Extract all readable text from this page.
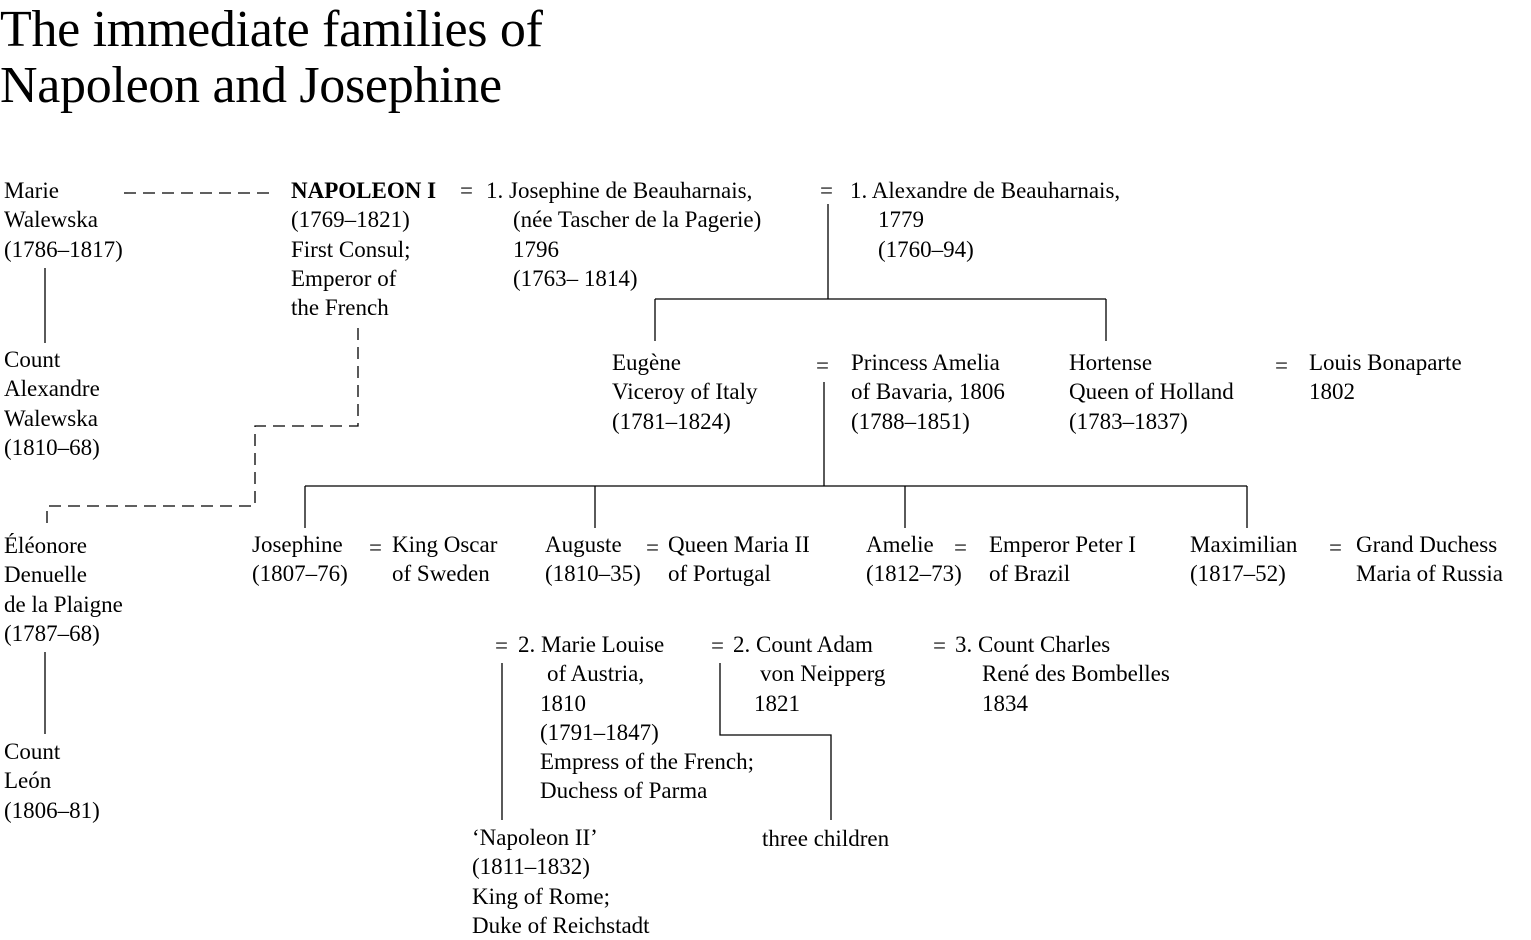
The immediate families of
Napoleon and Josephine
Marie
Walewska
(1786–1817)
Count
Alexandre
Walewska
(1810–68)
Éléonore
Denuelle
de la Plaigne
(1787–68)
Count
León
(1806–81)
NAPOLEON I
(1769–1821)
First Consul;
Emperor of
the French
= 1. Josephine de Beauharnais,
(née Tascher de la Pagerie)
1796
(1763– 1814)
= 1. Alexandre de Beauharnais,
1779
(1760–94)
Eugène
Viceroy of Italy
(1781–1824)
= Princess Amelia
of Bavaria, 1806
(1788–1851)
Hortense
Queen of Holland
(1783–1837)
= Louis Bonaparte
1802
Josephine
(1807–76)
= King Oscar
of Sweden
Auguste
(1810–35)
= Queen Maria II
of Portugal
Amelie
(1812–73)
= Emperor Peter I
of Brazil
Maximilian
(1817–52)
= Grand Duchess
Maria of Russia
= 2. Marie Louise
of Austria,
1810
(1791–1847)
Empress of the French;
Duchess of Parma
= 2. Count Adam
von Neipperg
1821
= 3. Count Charles
René des Bombelles
1834
‘Napoleon II’
(1811–1832)
King of Rome;
Duke of Reichstadt
three children
